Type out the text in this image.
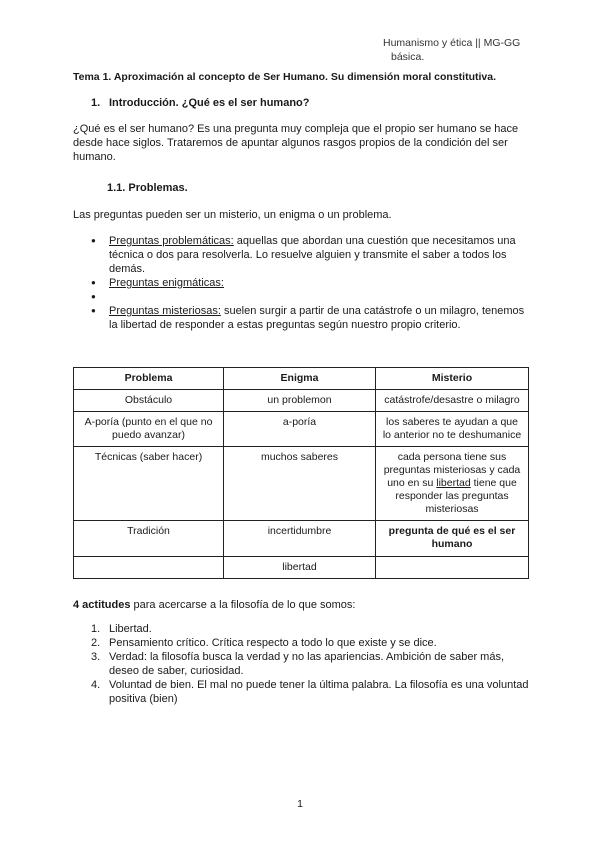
Humanismo y ética || MG-GG
básica.

Tema 1. Aproximación al concepto de Ser Humano. Su dimensión moral constitutiva.

1. Introducción. ¿Qué es el ser humano?

¿Qué es el ser humano? Es una pregunta muy compleja que el propio ser humano se hace desde hace siglos. Trataremos de apuntar algunos rasgos propios de la condición del ser humano.

1.1. Problemas.

Las preguntas pueden ser un misterio, un enigma o un problema.

● Preguntas problemáticas: aquellas que abordan una cuestión que necesitamos una técnica o dos para resolverla. Lo resuelve alguien y transmite el saber a todos los demás.
● Preguntas enigmáticas:
●
● Preguntas misteriosas: suelen surgir a partir de una catástrofe o un milagro, tenemos la libertad de responder a estas preguntas según nuestro propio criterio.
Problema	Enigma	Misterio
Obstáculo	un problemon	catástrofe/desastre o milagro
A-poría (punto en el que no puedo avanzar)	a-poría	los saberes te ayudan a que lo anterior no te deshumanice
Técnicas (saber hacer)	muchos saberes	cada persona tiene sus preguntas misteriosas y cada uno en su libertad tiene que responder las preguntas misteriosas
Tradición	incertidumbre	pregunta de qué es el ser humano
	libertad	

4 actitudes para acercarse a la filosofía de lo que somos:

1. Libertad.
2. Pensamiento crítico. Crítica respecto a todo lo que existe y se dice.
3. Verdad: la filosofía busca la verdad y no las apariencias. Ambición de saber más, deseo de saber, curiosidad.
4. Voluntad de bien. El mal no puede tener la última palabra. La filosofía es una voluntad positiva (bien)
1
